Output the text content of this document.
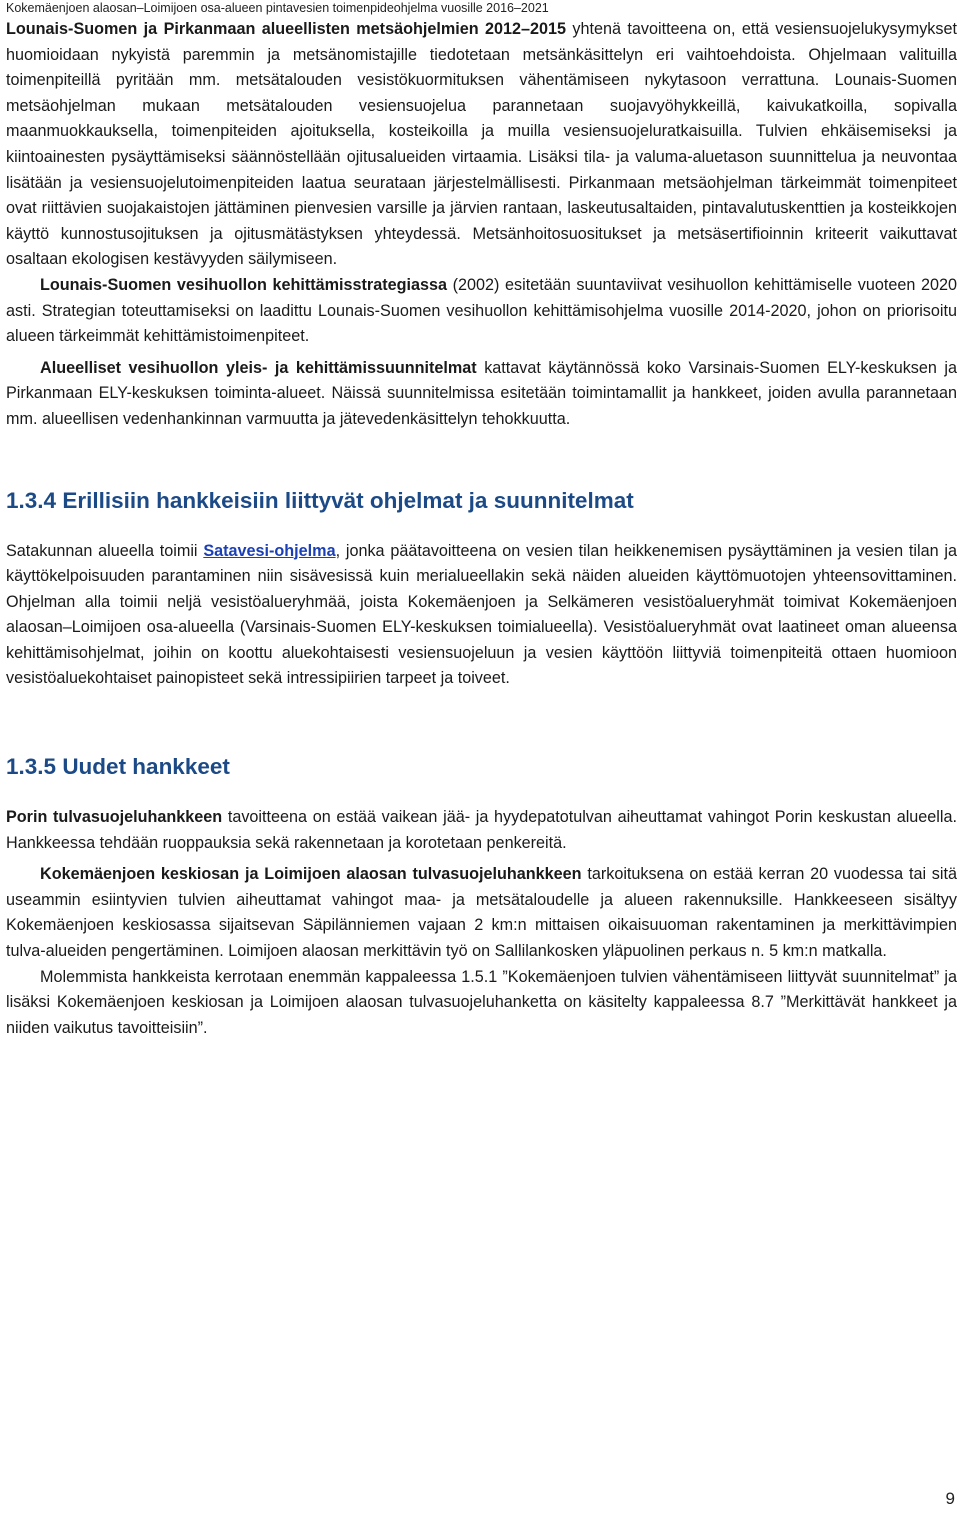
Kokemäenjoen alaosan–Loimijoen osa-alueen pintavesien toimenpideohjelma vuosille 2016–2021

Lounais-Suomen ja Pirkanmaan alueellisten metsäohjelmien 2012–2015 yhtenä tavoitteena on, että vesiensuojelukysymykset huomioidaan nykyistä paremmin ja metsänomistajille tiedotetaan metsänkäsittelyn eri vaihtoehdoista. Ohjelmaan valituilla toimenpiteillä pyritään mm. metsätalouden vesistökuormituksen vähentämiseen nykytasoon verrattuna. Lounais-Suomen metsäohjelman mukaan metsätalouden vesiensuojelua parannetaan suojavyöhykkeillä, kaivukatkoilla, sopivalla maanmuokkauksella, toimenpiteiden ajoituksella, kosteikoilla ja muilla vesiensuojeluratkaisuilla. Tulvien ehkäisemiseksi ja kiintoainesten pysäyttämiseksi säännöstellään ojitusalueiden virtaamia. Lisäksi tila- ja valuma-aluetason suunnittelua ja neuvontaa lisätään ja vesiensuojelutoimenpiteiden laatua seurataan järjestelmällisesti. Pirkanmaan metsäohjelman tärkeimmät toimenpiteet ovat riittävien suojakaistojen jättäminen pienvesien varsille ja järvien rantaan, laskeutusaltaiden, pintavalutuskenttien ja kosteikkojen käyttö kunnostusojituksen ja ojitusmätästyksen yhteydessä. Metsänhoitosuositukset ja metsäsertifioinnin kriteerit vaikuttavat osaltaan ekologisen kestävyyden säilymiseen.

Lounais-Suomen vesihuollon kehittämisstrategiassa (2002) esitetään suuntaviivat vesihuollon kehittämiselle vuoteen 2020 asti. Strategian toteuttamiseksi on laadittu Lounais-Suomen vesihuollon kehittämisohjelma vuosille 2014-2020, johon on priorisoitu alueen tärkeimmät kehittämistoimenpiteet.

Alueelliset vesihuollon yleis- ja kehittämissuunnitelmat kattavat käytännössä koko Varsinais-Suomen ELY-keskuksen ja Pirkanmaan ELY-keskuksen toiminta-alueet. Näissä suunnitelmissa esitetään toimintamallit ja hankkeet, joiden avulla parannetaan mm. alueellisen vedenhankinnan varmuutta ja jätevedenkäsittelyn tehokkuutta.

1.3.4 Erillisiin hankkeisiin liittyvät ohjelmat ja suunnitelmat

Satakunnan alueella toimii Satavesi-ohjelma, jonka päätavoitteena on vesien tilan heikkenemisen pysäyttäminen ja vesien tilan ja käyttökelpoisuuden parantaminen niin sisävesissä kuin merialueellakin sekä näiden alueiden käyttömuotojen yhteensovittaminen. Ohjelman alla toimii neljä vesistöalueryhmää, joista Kokemäenjoen ja Selkämeren vesistöalueryhmät toimivat Kokemäenjoen alaosan–Loimijoen osa-alueella (Varsinais-Suomen ELY-keskuksen toimialueella). Vesistöalueryhmät ovat laatineet oman alueensa kehittämisohjelmat, joihin on koottu aluekohtaisesti vesiensuojeluun ja vesien käyttöön liittyviä toimenpiteitä ottaen huomioon vesistöaluekohtaiset painopisteet sekä intressipiirien tarpeet ja toiveet.

1.3.5 Uudet hankkeet

Porin tulvasuojeluhankkeen tavoitteena on estää vaikean jää- ja hyydepatotulvan aiheuttamat vahingot Porin keskustan alueella. Hankkeessa tehdään ruoppauksia sekä rakennetaan ja korotetaan penkereitä.

Kokemäenjoen keskiosan ja Loimijoen alaosan tulvasuojeluhankkeen tarkoituksena on estää kerran 20 vuodessa tai sitä useammin esiintyvien tulvien aiheuttamat vahingot maa- ja metsätaloudelle ja alueen rakennuksille. Hankkeeseen sisältyy Kokemäenjoen keskiosassa sijaitsevan Säpilänniemen vajaan 2 km:n mittaisen oikaisuuoman rakentaminen ja merkittävimpien tulva-alueiden pengertäminen. Loimijoen alaosan merkittävin työ on Sallilankosken yläpuolinen perkaus n. 5 km:n matkalla.

Molemmista hankkeista kerrotaan enemmän kappaleessa 1.5.1 ”Kokemäenjoen tulvien vähentämiseen liittyvät suunnitelmat” ja lisäksi Kokemäenjoen keskiosan ja Loimijoen alaosan tulvasuojeluhanketta on käsitelty kappaleessa 8.7 ”Merkittävät hankkeet ja niiden vaikutus tavoitteisiin”.

9
